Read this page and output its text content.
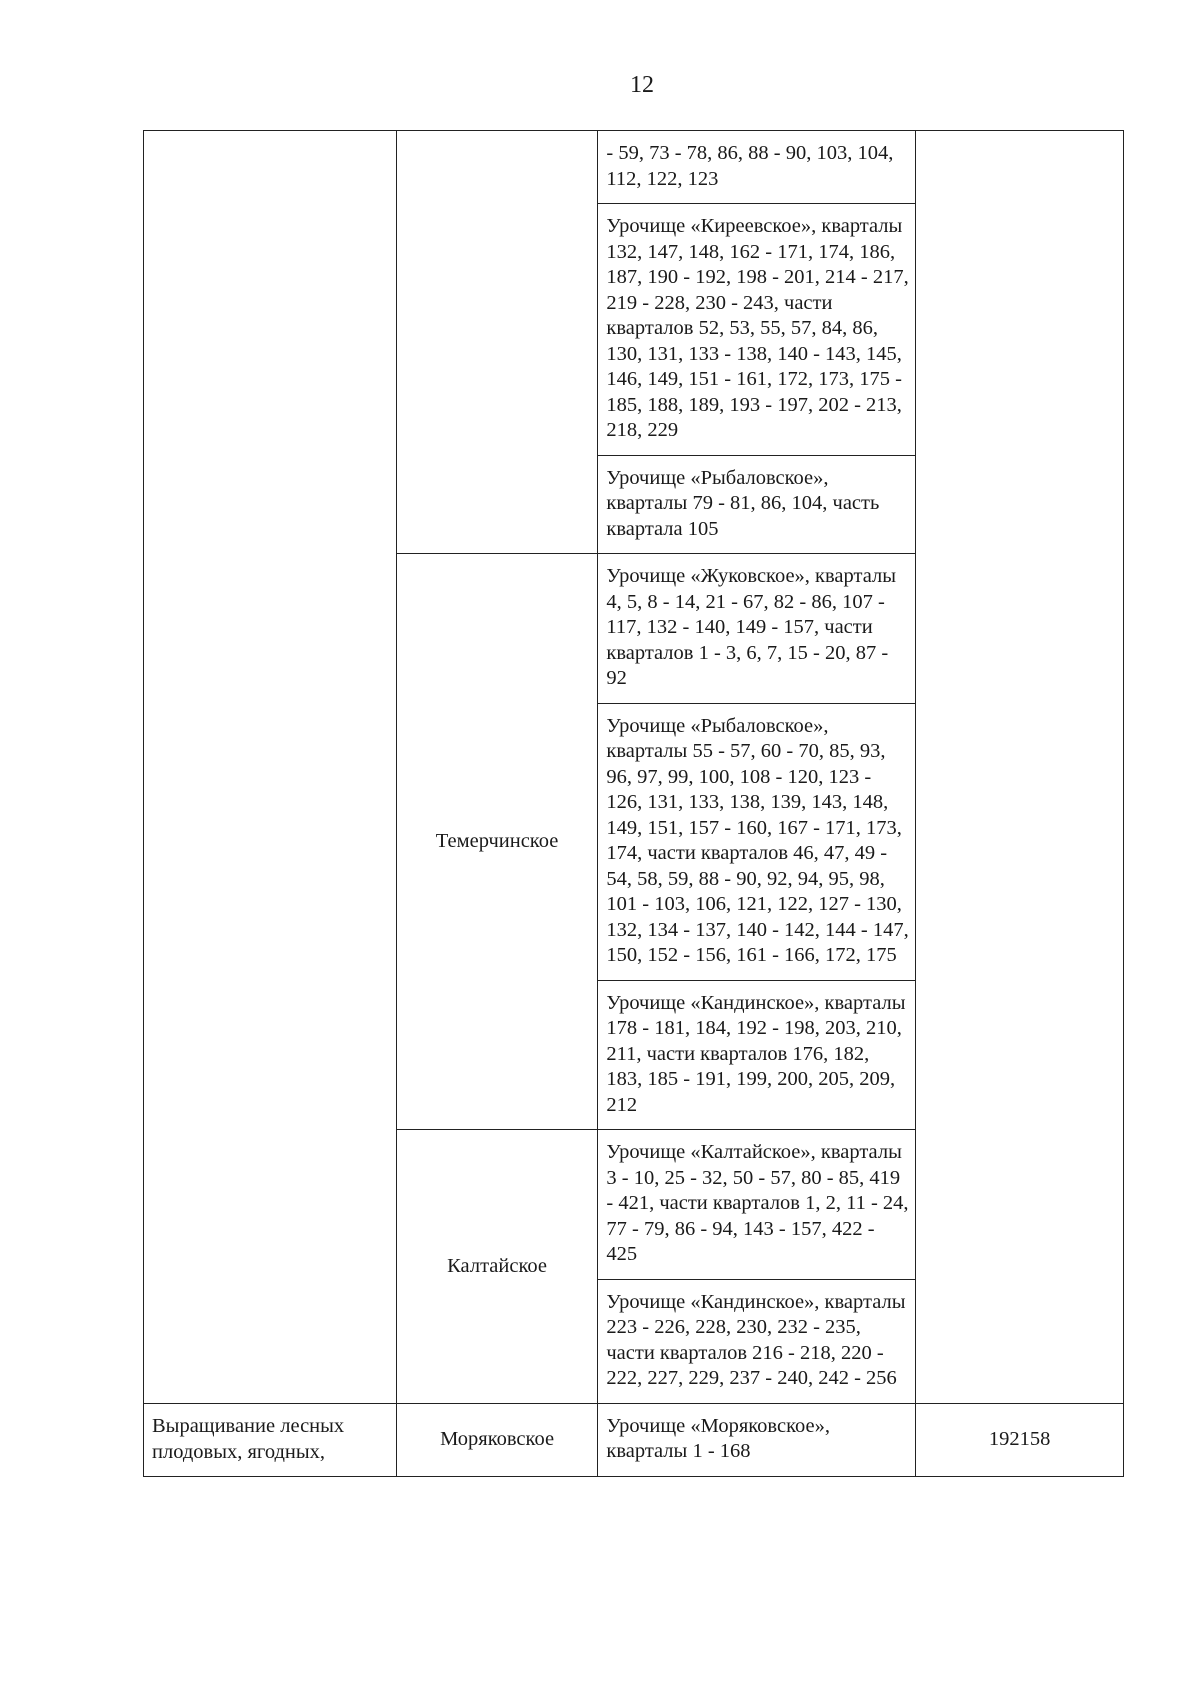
12

		- 59, 73 - 78, 86, 88 - 90, 103, 104, 112, 122, 123	

		Урочище «Киреевское», кварталы 132, 147, 148, 162 - 171, 174, 186, 187, 190 - 192, 198 - 201, 214 - 217, 219 - 228, 230 - 243, части кварталов 52, 53, 55, 57, 84, 86, 130, 131, 133 - 138, 140 - 143, 145, 146, 149, 151 - 161, 172, 173, 175 - 185, 188, 189, 193 - 197, 202 - 213, 218, 229	

		Урочище «Рыбаловское», кварталы 79 - 81, 86, 104, часть квартала 105	

	Темерчинское	Урочище «Жуковское», кварталы 4, 5, 8 - 14, 21 - 67, 82 - 86, 107 - 117, 132 - 140, 149 - 157, части кварталов 1 - 3, 6, 7, 15 - 20, 87 - 92	

		Урочище «Рыбаловское», кварталы 55 - 57, 60 - 70, 85, 93, 96, 97, 99, 100, 108 - 120, 123 - 126, 131, 133, 138, 139, 143, 148, 149, 151, 157 - 160, 167 - 171, 173, 174, части кварталов 46, 47, 49 - 54, 58, 59, 88 - 90, 92, 94, 95, 98, 101 - 103, 106, 121, 122, 127 - 130, 132, 134 - 137, 140 - 142, 144 - 147, 150, 152 - 156, 161 - 166, 172, 175	

		Урочище «Кандинское», кварталы 178 - 181, 184, 192 - 198, 203, 210, 211, части кварталов 176, 182, 183, 185 - 191, 199, 200, 205, 209, 212	

	Калтайское	Урочище «Калтайское», кварталы 3 - 10, 25 - 32, 50 - 57, 80 - 85, 419 - 421, части кварталов 1, 2, 11 - 24, 77 - 79, 86 - 94, 143 - 157, 422 - 425	

		Урочище «Кандинское», кварталы 223 - 226, 228, 230, 232 - 235, части кварталов 216 - 218, 220 - 222, 227, 229, 237 - 240, 242 - 256	

Выращивание лесных плодовых, ягодных,	Моряковское	Урочище «Моряковское», кварталы 1 - 168	192158
